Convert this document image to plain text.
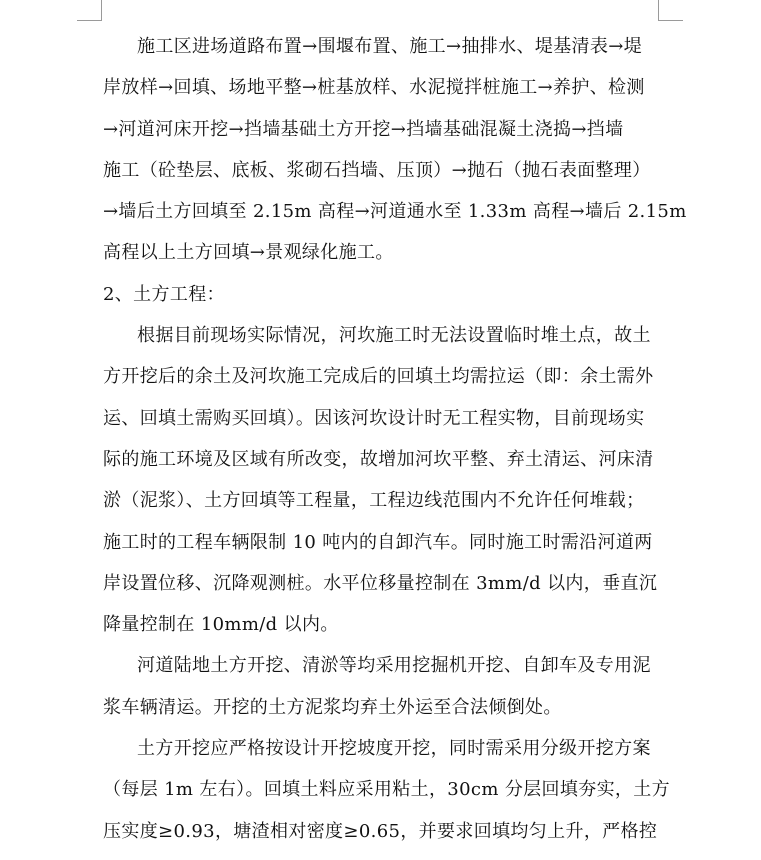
施工区进场道路布置→围堰布置、施工→抽排水、堤基清表→堤
岸放样→回填、场地平整→桩基放样、水泥搅拌桩施工→养护、检测
→河道河床开挖→挡墙基础土方开挖→挡墙基础混凝土浇捣→挡墙
施工（砼垫层、底板、浆砌石挡墙、压顶）→抛石（抛石表面整理）
→墙后土方回填至 2.15m 高程→河道通水至 1.33m 高程→墙后 2.15m
高程以上土方回填→景观绿化施工。
2、土方工程：
根据目前现场实际情况，河坎施工时无法设置临时堆土点，故土
方开挖后的余土及河坎施工完成后的回填土均需拉运（即：余土需外
运、回填土需购买回填）。因该河坎设计时无工程实物，目前现场实
际的施工环境及区域有所改变，故增加河坎平整、弃土清运、河床清
淤（泥浆）、土方回填等工程量，工程边线范围内不允许任何堆载；
施工时的工程车辆限制 10 吨内的自卸汽车。同时施工时需沿河道两
岸设置位移、沉降观测桩。水平位移量控制在 3mm/d 以内，垂直沉
降量控制在 10mm/d 以内。
河道陆地土方开挖、清淤等均采用挖掘机开挖、自卸车及专用泥
浆车辆清运。开挖的土方泥浆均弃土外运至合法倾倒处。
土方开挖应严格按设计开挖坡度开挖，同时需采用分级开挖方案
（每层 1m 左右）。回填土料应采用粘土，30cm 分层回填夯实，土方
压实度≥0.93，塘渣相对密度≥0.65，并要求回填均匀上升，严格控
